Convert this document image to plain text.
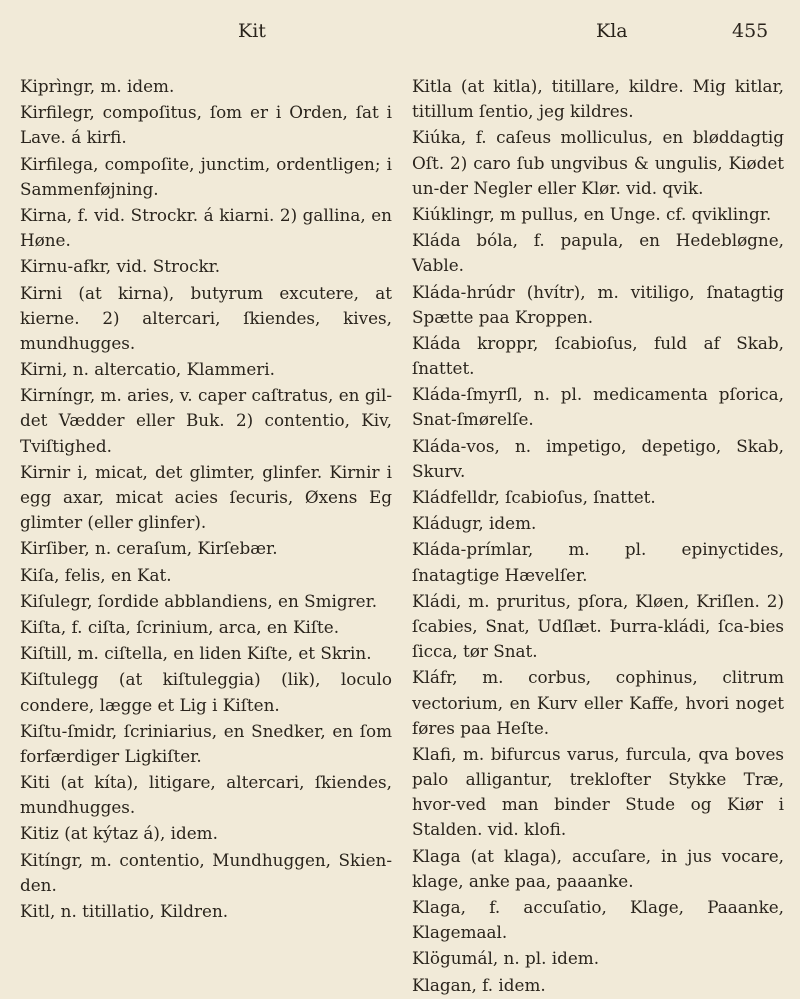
Kit	Kla	455

Kiprìngr, m. idem.

Kirfilegr, compoſitus, ſom er i Orden, ſat i Lave. á kirfi.

Kirfilega, compoſite, junctim, ordentligen; i Sammenføjning.

Kirna, f. vid. Strockr. á kiarni. 2) gallina, en Høne.

Kirnu-afkr, vid. Strockr.

Kirni (at kirna), butyrum excutere, at kierne. 2) altercari, ſkiendes, kives, mundhugges.

Kirni, n. altercatio, Klammeri.

Kirníngr, m. aries, v. caper caſtratus, en gil-det Vædder eller Buk. 2) contentio, Kiv, Tviſtighed.

Kirnir i, micat, det glimter, glinfer. Kirnir i egg axar, micat acies ſecuris, Øxens Eg glimter (eller glinfer).

Kirſiber, n. ceraſum, Kirſebær.

Kiſa, felis, en Kat.

Kiſulegr, ſordide abblandiens, en Smigrer.

Kiſta, f. ciſta, ſcrinium, arca, en Kiſte.

Kiſtill, m. ciſtella, en liden Kiſte, et Skrin.

Kiſtulegg (at kiſtuleggia) (lik), loculo condere, lægge et Lig i Kiſten.

Kiſtu-ſmidr, ſcriniarius, en Snedker, en ſom forfærdiger Ligkiſter.

Kiti (at kíta), litigare, altercari, ſkiendes, mundhugges.

Kitiz (at kýtaz á), idem.

Kitíngr, m. contentio, Mundhuggen, Skien-den.

Kitl, n. titillatio, Kildren.

Kitla (at kitla), titillare, kildre. Mig kitlar, titillum ſentio, jeg kildres.

Kiúka, f. caſeus molliculus, en bløddagtig Oſt. 2) caro ſub ungvibus & ungulis, Kiødet un-der Negler eller Klør. vid. qvik.

Kiúklingr, m pullus, en Unge. cf. qviklingr.

Kláda bóla, f. papula, en Hedebløgne, Vable.

Kláda-hrúdr (hvítr), m. vitiligo, ſnatagtig Spætte paa Kroppen.

Kláda kroppr, ſcabioſus, fuld af Skab, ſnattet.

Kláda-ſmyrſl, n. pl. medicamenta pſorica, Snat-ſmørelſe.

Kláda-vos, n. impetigo, depetigo, Skab, Skurv.

Kládfelldr, ſcabioſus, ſnattet.

Kládugr, idem.

Kláda-prímlar, m. pl. epinyctides, ſnatagtige Hævelſer.

Kládi, m. pruritus, pſora, Kløen, Kriſlen. 2) ſcabies, Snat, Udſlæt. Þurra-kládi, ſca-bies ſicca, tør Snat.

Kláfr, m. corbus, cophinus, clitrum vectorium, en Kurv eller Kaffe, hvori noget føres paa Heſte.

Klafi, m. bifurcus varus, furcula, qva boves palo alligantur, treklofter Stykke Træ, hvor-ved man binder Stude og Kiør i Stalden. vid. klofi.

Klaga (at klaga), accuſare, in jus vocare, klage, anke paa, paaanke.

Klaga, f. accuſatio, Klage, Paaanke, Klagemaal.

Klögumál, n. pl. idem.

Klagan, f. idem.
